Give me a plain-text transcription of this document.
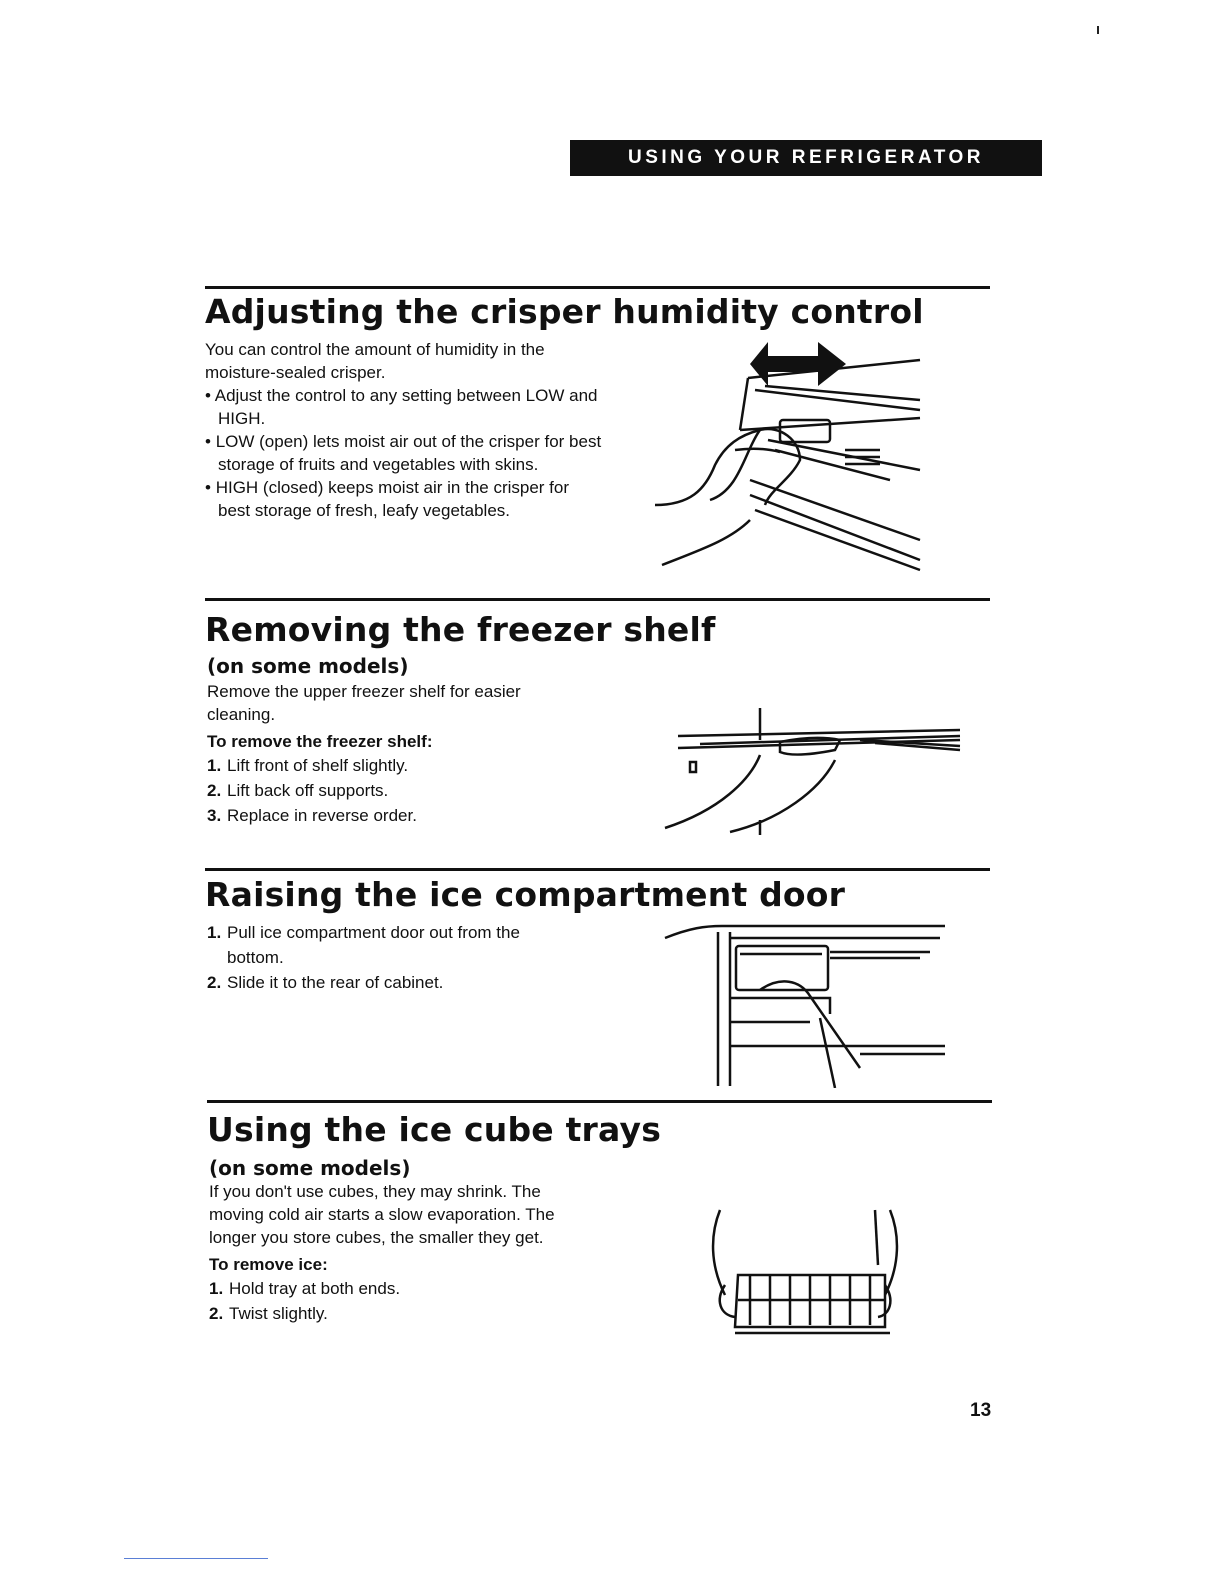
USING YOUR REFRIGERATOR
Adjusting the crisper humidity control

You can control the amount of humidity in the moisture-sealed crisper.

• Adjust the control to any setting between LOW and HIGH.
• LOW (open) lets moist air out of the crisper for best storage of fruits and vegetables with skins.
• HIGH (closed) keeps moist air in the crisper for best storage of fresh, leafy vegetables.
Removing the freezer shelf
(on some models)

Remove the upper freezer shelf for easier cleaning.

To remove the freezer shelf:
1. Lift front of shelf slightly.
2. Lift back off supports.
3. Replace in reverse order.
Raising the ice compartment door
1. Pull ice compartment door out from the bottom.
2. Slide it to the rear of cabinet.
Using the ice cube trays
(on some models)

If you don't use cubes, they may shrink. The moving cold air starts a slow evaporation. The longer you store cubes, the smaller they get.

To remove ice:
1. Hold tray at both ends.
2. Twist slightly.
13
